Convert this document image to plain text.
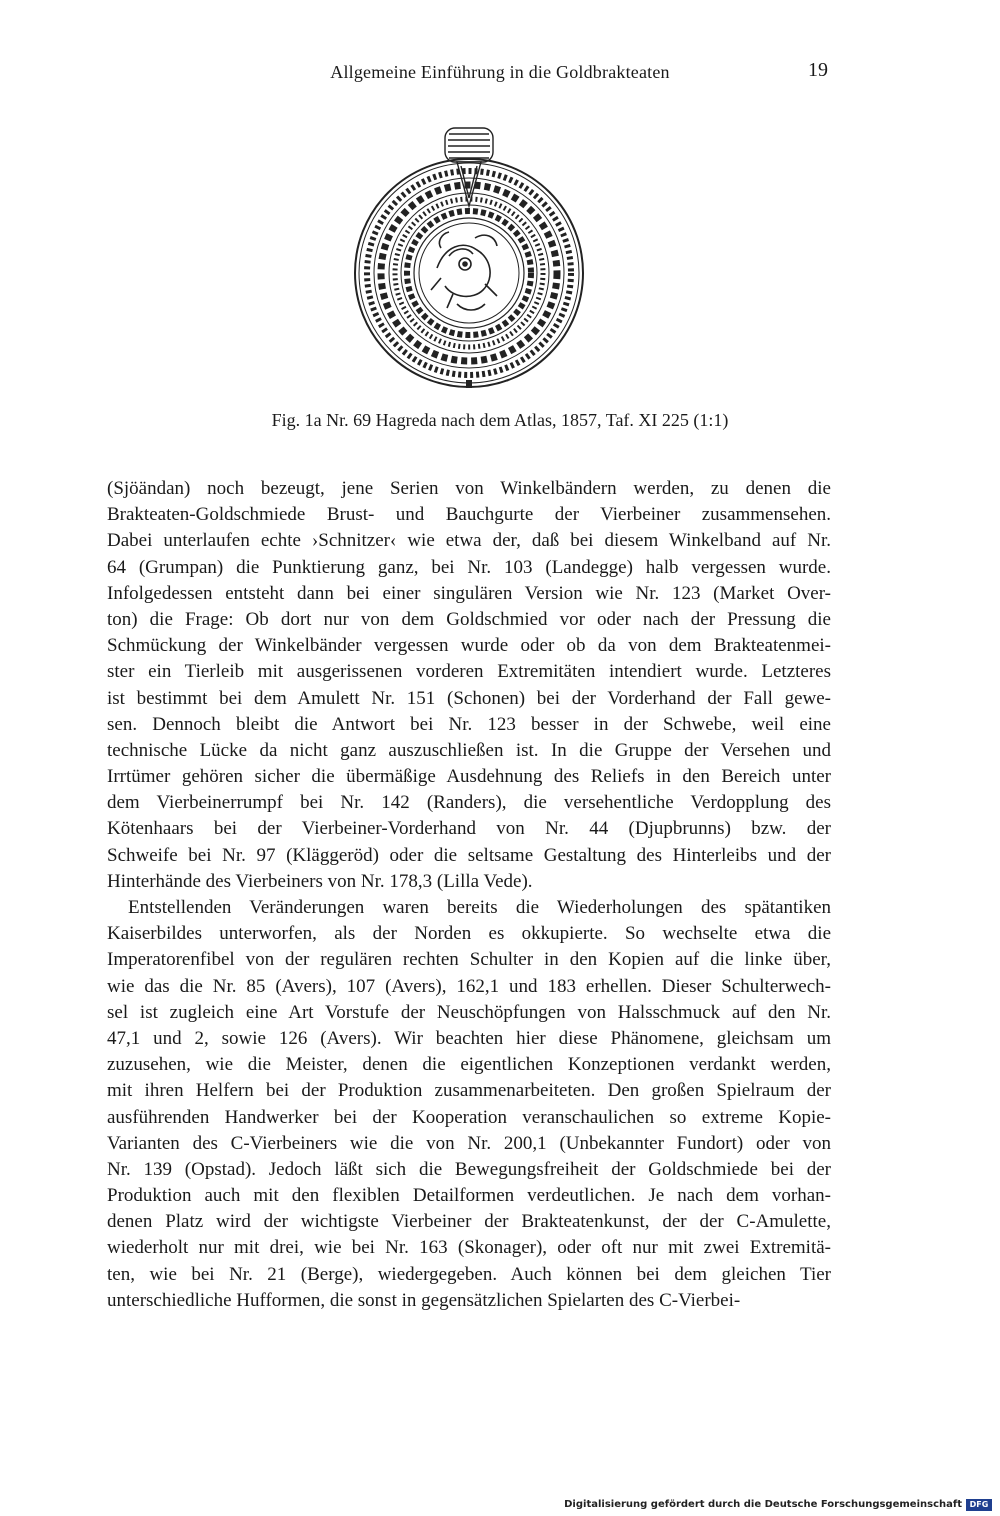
Allgemeine Einführung in die Goldbrakteaten	19
Fig. 1a Nr. 69 Hagreda nach dem Atlas, 1857, Taf. XI 225 (1:1)
(Sjöändan) noch bezeugt, jene Serien von Winkelbändern werden, zu denen die
Brakteaten-Goldschmiede Brust- und Bauchgurte der Vierbeiner zusammensehen.
Dabei unterlaufen echte ›Schnitzer‹ wie etwa der, daß bei diesem Winkelband auf Nr.
64 (Grumpan) die Punktierung ganz, bei Nr. 103 (Landegge) halb vergessen wurde.
Infolgedessen entsteht dann bei einer singulären Version wie Nr. 123 (Market Over-
ton) die Frage: Ob dort nur von dem Goldschmied vor oder nach der Pressung die
Schmückung der Winkelbänder vergessen wurde oder ob da von dem Brakteatenmei-
ster ein Tierleib mit ausgerissenen vorderen Extremitäten intendiert wurde. Letzteres
ist bestimmt bei dem Amulett Nr. 151 (Schonen) bei der Vorderhand der Fall gewe-
sen. Dennoch bleibt die Antwort bei Nr. 123 besser in der Schwebe, weil eine
technische Lücke da nicht ganz auszuschließen ist. In die Gruppe der Versehen und
Irrtümer gehören sicher die übermäßige Ausdehnung des Reliefs in den Bereich unter
dem Vierbeinerrumpf bei Nr. 142 (Randers), die versehentliche Verdopplung des
Kötenhaars bei der Vierbeiner-Vorderhand von Nr. 44 (Djupbrunns) bzw. der
Schweife bei Nr. 97 (Kläggeröd) oder die seltsame Gestaltung des Hinterleibs und der
Hinterhände des Vierbeiners von Nr. 178,3 (Lilla Vede).
Entstellenden Veränderungen waren bereits die Wiederholungen des spätantiken
Kaiserbildes unterworfen, als der Norden es okkupierte. So wechselte etwa die
Imperatorenfibel von der regulären rechten Schulter in den Kopien auf die linke über,
wie das die Nr. 85 (Avers), 107 (Avers), 162,1 und 183 erhellen. Dieser Schulterwech-
sel ist zugleich eine Art Vorstufe der Neuschöpfungen von Halsschmuck auf den Nr.
47,1 und 2, sowie 126 (Avers). Wir beachten hier diese Phänomene, gleichsam um
zuzusehen, wie die Meister, denen die eigentlichen Konzeptionen verdankt werden,
mit ihren Helfern bei der Produktion zusammenarbeiteten. Den großen Spielraum der
ausführenden Handwerker bei der Kooperation veranschaulichen so extreme Kopie-
Varianten des C-Vierbeiners wie die von Nr. 200,1 (Unbekannter Fundort) oder von
Nr. 139 (Opstad). Jedoch läßt sich die Bewegungsfreiheit der Goldschmiede bei der
Produktion auch mit den flexiblen Detailformen verdeutlichen. Je nach dem vorhan-
denen Platz wird der wichtigste Vierbeiner der Brakteatenkunst, der der C-Amulette,
wiederholt nur mit drei, wie bei Nr. 163 (Skonager), oder oft nur mit zwei Extremitä-
ten, wie bei Nr. 21 (Berge), wiedergegeben. Auch können bei dem gleichen Tier
unterschiedliche Hufformen, die sonst in gegensätzlichen Spielarten des C-Vierbei-
Digitalisierung gefördert durch die Deutsche Forschungsgemeinschaft DFG
